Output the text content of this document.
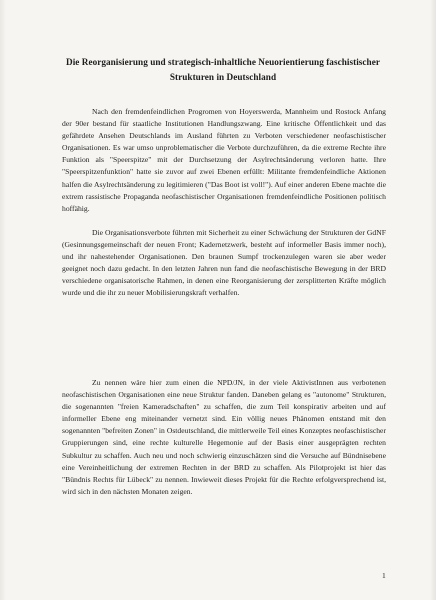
Die Reorganisierung und strategisch-inhaltliche Neuorientierung faschistischer Strukturen in Deutschland
Nach den fremdenfeindlichen Progromen von Hoyerswerda, Mannheim und Rostock Anfang der 90er bestand für staatliche Institutionen Handlungszwang. Eine kritische Öffentlichkeit und das gefährdete Ansehen Deutschlands im Ausland führten zu Verboten verschiedener neofaschistischer Organisationen. Es war umso unproblematischer die Verbote durchzuführen, da die extreme Rechte ihre Funktion als "Speerspitze" mit der Durchsetzung der Asylrechtsänderung verloren hatte. Ihre "Speerspitzenfunktion" hatte sie zuvor auf zwei Ebenen erfüllt: Militante fremdenfeindliche Aktionen halfen die Asylrechtsänderung zu legitimieren ("Das Boot ist voll!"). Auf einer anderen Ebene machte die extrem rassistische Propaganda neofaschistischer Organisationen fremdenfeindliche Positionen politisch hoffähig.
Die Organisationsverbote führten mit Sicherheit zu einer Schwächung der Strukturen der GdNF (Gesinnungsgemeinschaft der neuen Front; Kadernetzwerk, besteht auf informeller Basis immer noch), und ihr nahestehender Organisationen. Den braunen Sumpf trockenzulegen waren sie aber weder geeignet noch dazu gedacht. In den letzten Jahren nun fand die neofaschistische Bewegung in der BRD verschiedene organisatorische Rahmen, in denen eine Reorganisierung der zersplitterten Kräfte möglich wurde und die ihr zu neuer Mobilisierungskraft verhalfen.
Zu nennen wäre hier zum einen die NPD/JN, in der viele AktivistInnen aus verbotenen neofaschistischen Organisationen eine neue Struktur fanden. Daneben gelang es "autonome" Strukturen, die sogenannten "freien Kameradschaften" zu schaffen, die zum Teil konspirativ arbeiten und auf informeller Ebene eng miteinander vernetzt sind. Ein völlig neues Phänomen entstand mit den sogenannten "befreiten Zonen" in Ostdeutschland, die mittlerweile Teil eines Konzeptes neofaschistischer Gruppierungen sind, eine rechte kulturelle Hegemonie auf der Basis einer ausgeprägten rechten Subkultur zu schaffen. Auch neu und noch schwierig einzuschätzen sind die Versuche auf Bündnisebene eine Vereinheitlichung der extremen Rechten in der BRD zu schaffen. Als Pilotprojekt ist hier das "Bündnis Rechts für Lübeck" zu nennen. Inwieweit dieses Projekt für die Rechte erfolgversprechend ist, wird sich in den nächsten Monaten zeigen.
1
